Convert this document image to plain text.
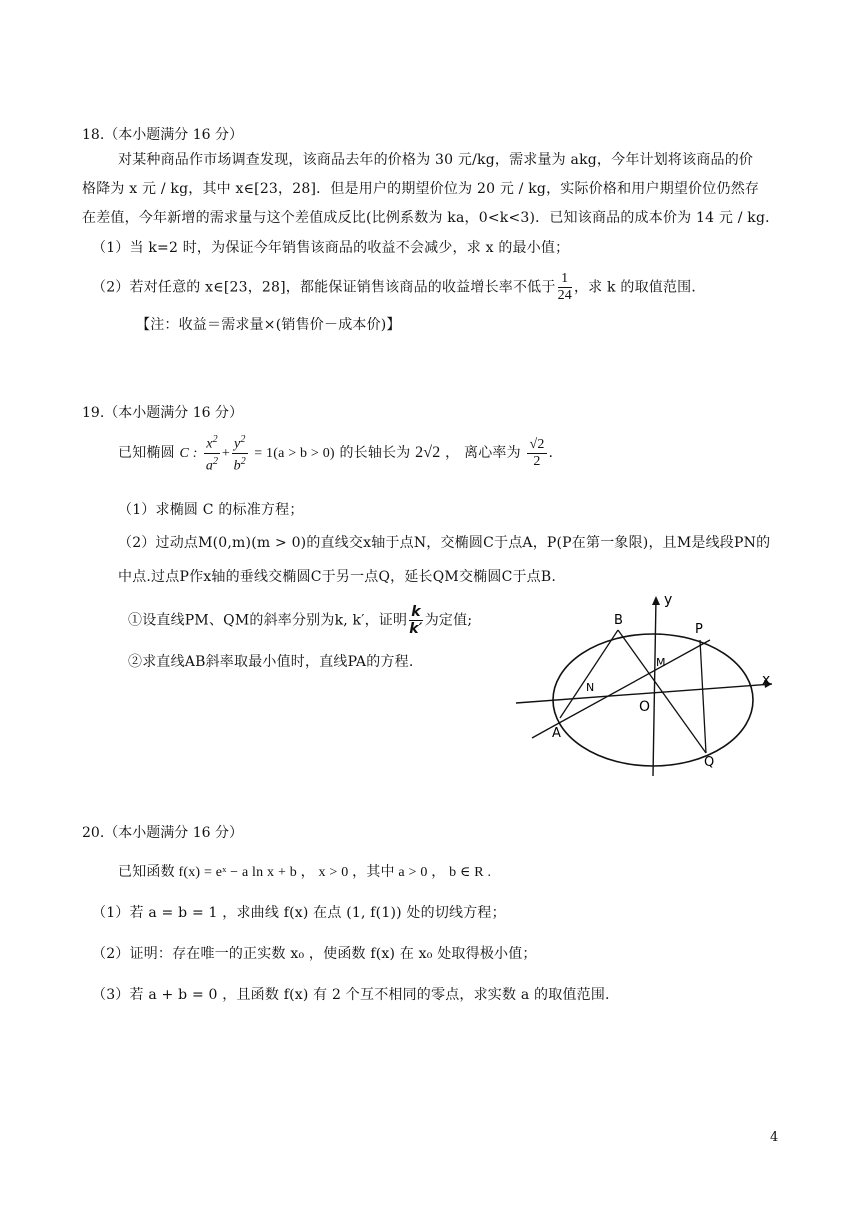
18.（本小题满分 16 分）
对某种商品作市场调查发现，该商品去年的价格为 30 元/kg，需求量为 akg，今年计划将该商品的价
格降为 x 元 / kg，其中 x∈[23，28]．但是用户的期望价位为 20 元 / kg，实际价格和用户期望价位仍然存
在差值，今年新增的需求量与这个差值成反比(比例系数为 ka，0<k<3)．已知该商品的成本价为 14 元 / kg．
（1）当 k=2 时，为保证今年销售该商品的收益不会减少，求 x 的最小值；
（2）若对任意的 x∈[23，28]，都能保证销售该商品的收益增长率不低于 $\frac{1}{24}$ ，求 k 的取值范围．
【注：收益＝需求量×(销售价－成本价)】
19.（本小题满分 16 分）
已知椭圆 C : $\frac{x^2}{a^2} + \frac{y^2}{b^2} = 1(a > b > 0)$ 的长轴长为 2√2 ， 离心率为 $\frac{√2}{2}$ .
（1）求椭圆 C 的标准方程；
（2）过动点M(0,m)(m > 0)的直线交x轴于点N，交椭圆C于点A，P(P在第一象限)，且M是线段PN的
中点.过点P作x轴的垂线交椭圆C于另一点Q，延长QM交椭圆C于点B.
①设直线PM、QM的斜率分别为k, k′，证明 $\frac{k}{k'}$ 为定值;
②求直线AB斜率取最小值时，直线PA的方程.
B
P
M
N
O
A
Q
x
y
20.（本小题满分 16 分）
已知函数 f(x) = eˣ − a ln x + b ， x > 0 ，其中 a > 0 ， b ∈ R .
（1）若 a = b = 1 ，求曲线 f(x) 在点 (1, f(1)) 处的切线方程；
（2）证明：存在唯一的正实数 x₀ ，使函数 f(x) 在 x₀ 处取得极小值；
（3）若 a + b = 0 ，且函数 f(x) 有 2 个互不相同的零点，求实数 a 的取值范围.
4
